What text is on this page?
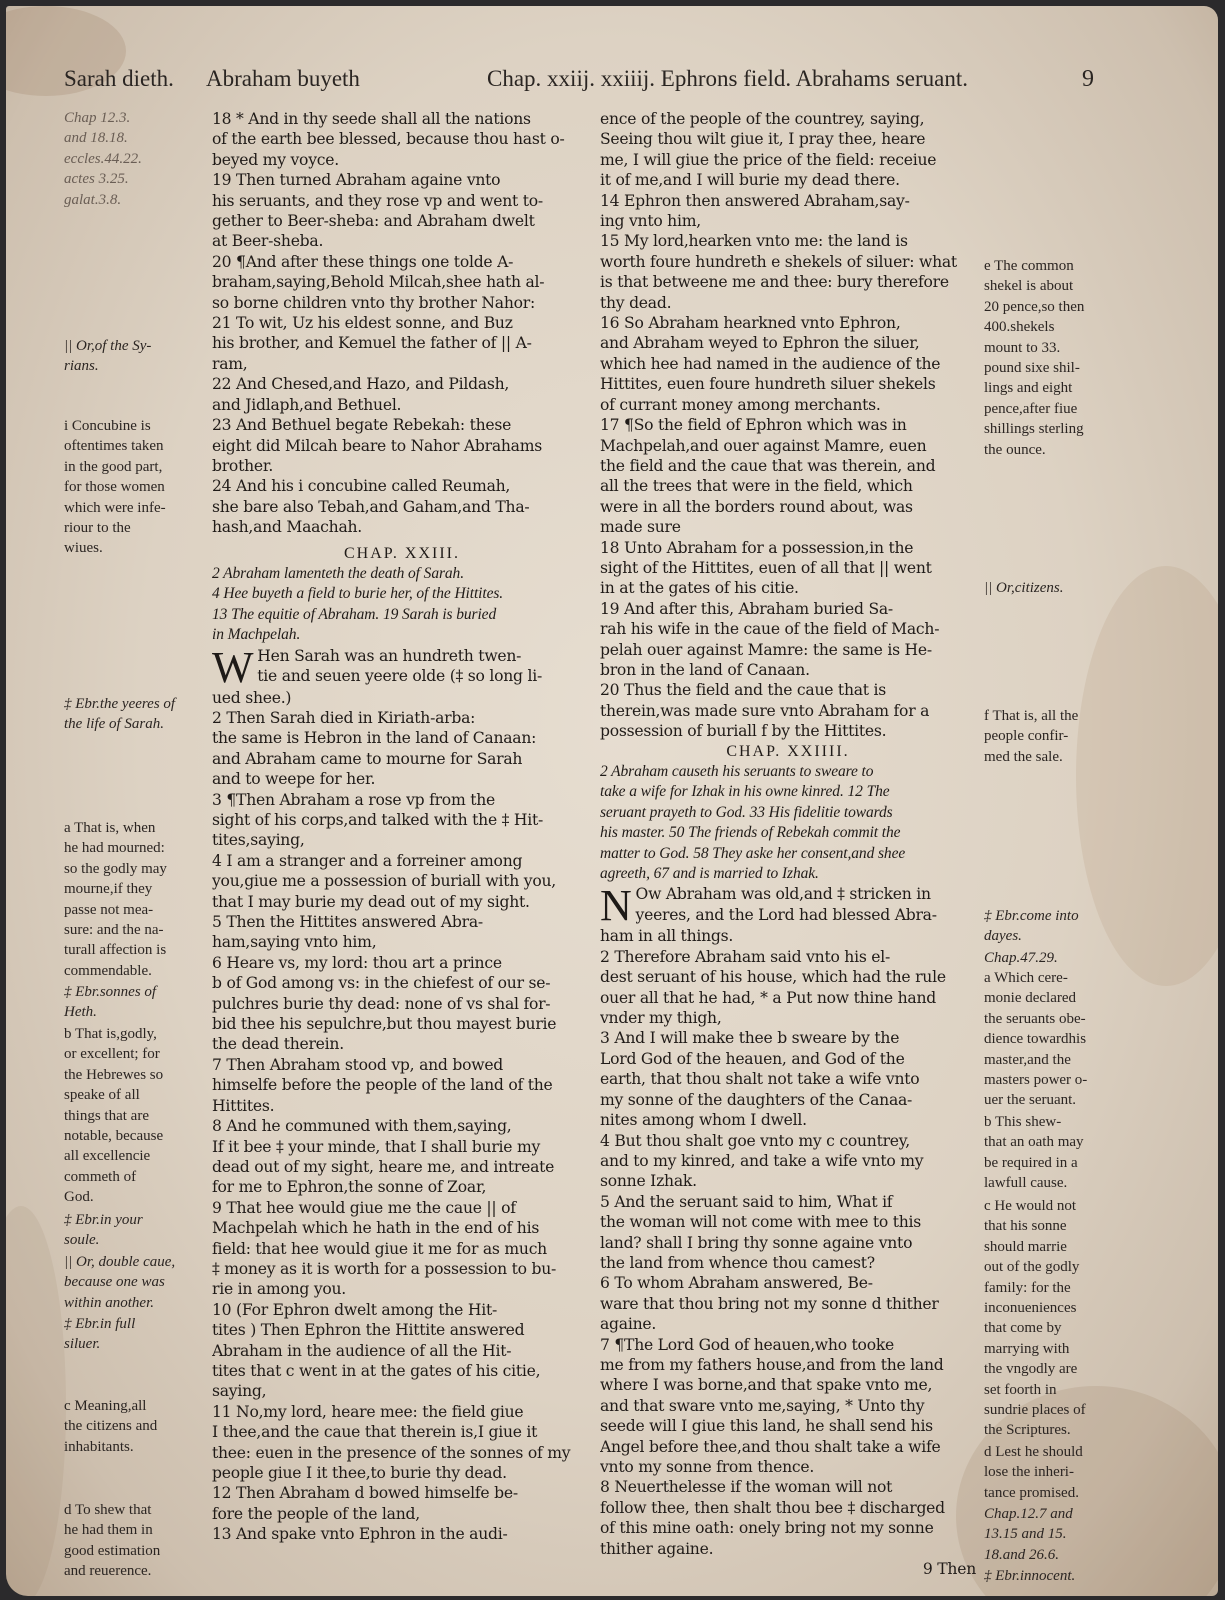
Sarah dieth. Abraham buyeth	Chap. xxiij. xxiiij. Ephrons field. Abrahams seruant.	9
Chap 12.3.
and 18.18.
eccles.44.22.
actes 3.25.
galat.3.8.
|| Or,of the Sy-
rians.
i Concubine is
oftentimes taken
in the good part,
for those women
which were infe-
riour to the
wiues.
‡ Ebr.the yeeres of
the life of Sarah.
a That is, when
he had mourned:
so the godly may
mourne,if they
passe not mea-
sure: and the na-
turall affection is
commendable.
‡ Ebr.sonnes of
Heth.
b That is,godly,
or excellent; for
the Hebrewes so
speake of all
things that are
notable, because
all excellencie
commeth of
God.
‡ Ebr.in your
soule.
|| Or, double caue,
because one was
within another.
‡ Ebr.in full
siluer.
c Meaning,all
the citizens and
inhabitants.
d To shew that
he had them in
good estimation
and reuerence.
18 * And in thy seede shall all the nations
of the earth bee blessed, because thou hast o-
beyed my voyce.
19 Then turned Abraham againe vnto
his seruants, and they rose vp and went to-
gether to Beer-sheba: and Abraham dwelt
at Beer-sheba.
20 ¶And after these things one tolde A-
braham,saying,Behold Milcah,shee hath al-
so borne children vnto thy brother Nahor:
21 To wit, Uz his eldest sonne, and Buz
his brother, and Kemuel the father of || A-
ram,
22 And Chesed,and Hazo, and Pildash,
and Jidlaph,and Bethuel.
23 And Bethuel begate Rebekah: these
eight did Milcah beare to Nahor Abrahams
brother.
24 And his i concubine called Reumah,
she bare also Tebah,and Gaham,and Tha-
hash,and Maachah.
CHAP. XXIII.
2 Abraham lamenteth the death of Sarah.
4 Hee buyeth a field to burie her, of the Hittites.
13 The equitie of Abraham. 19 Sarah is buried
in Machpelah.
W Hen Sarah was an hundreth twen-
tie and seuen yeere olde (‡ so long li-
ued shee.)
2 Then Sarah died in Kiriath-arba:
the same is Hebron in the land of Canaan:
and Abraham came to mourne for Sarah
and to weepe for her.
3 ¶Then Abraham a rose vp from the
sight of his corps,and talked with the ‡ Hit-
tites,saying,
4 I am a stranger and a forreiner among
you,giue me a possession of buriall with you,
that I may burie my dead out of my sight.
5 Then the Hittites answered Abra-
ham,saying vnto him,
6 Heare vs, my lord: thou art a prince
b of God among vs: in the chiefest of our se-
pulchres burie thy dead: none of vs shal for-
bid thee his sepulchre,but thou mayest burie
the dead therein.
7 Then Abraham stood vp, and bowed
himselfe before the people of the land of the
Hittites.
8 And he communed with them,saying,
If it bee ‡ your minde, that I shall burie my
dead out of my sight, heare me, and intreate
for me to Ephron,the sonne of Zoar,
9 That hee would giue me the caue || of
Machpelah which he hath in the end of his
field: that hee would giue it me for as much
‡ money as it is worth for a possession to bu-
rie in among you.
10 (For Ephron dwelt among the Hit-
tites ) Then Ephron the Hittite answered
Abraham in the audience of all the Hit-
tites that c went in at the gates of his citie,
saying,
11 No,my lord, heare mee: the field giue
I thee,and the caue that therein is,I giue it
thee: euen in the presence of the sonnes of my
people giue I it thee,to burie thy dead.
12 Then Abraham d bowed himselfe be-
fore the people of the land,
13 And spake vnto Ephron in the audi-
ence of the people of the countrey, saying,
Seeing thou wilt giue it, I pray thee, heare
me, I will giue the price of the field: receiue
it of me,and I will burie my dead there.
14 Ephron then answered Abraham,say-
ing vnto him,
15 My lord,hearken vnto me: the land is
worth foure hundreth e shekels of siluer: what
is that betweene me and thee: bury therefore
thy dead.
16 So Abraham hearkned vnto Ephron,
and Abraham weyed to Ephron the siluer,
which hee had named in the audience of the
Hittites, euen foure hundreth siluer shekels
of currant money among merchants.
17 ¶So the field of Ephron which was in
Machpelah,and ouer against Mamre, euen
the field and the caue that was therein, and
all the trees that were in the field, which
were in all the borders round about, was
made sure
18 Unto Abraham for a possession,in the
sight of the Hittites, euen of all that || went
in at the gates of his citie.
19 And after this, Abraham buried Sa-
rah his wife in the caue of the field of Mach-
pelah ouer against Mamre: the same is He-
bron in the land of Canaan.
20 Thus the field and the caue that is
therein,was made sure vnto Abraham for a
possession of buriall f by the Hittites.
CHAP. XXIIII.
2 Abraham causeth his seruants to sweare to
take a wife for Izhak in his owne kinred. 12 The
seruant prayeth to God. 33 His fidelitie towards
his master. 50 The friends of Rebekah commit the
matter to God. 58 They aske her consent,and shee
agreeth, 67 and is married to Izhak.
N Ow Abraham was old,and ‡ stricken in
yeeres, and the Lord had blessed Abra-
ham in all things.
2 Therefore Abraham said vnto his el-
dest seruant of his house, which had the rule
ouer all that he had, * a Put now thine hand
vnder my thigh,
3 And I will make thee b sweare by the
Lord God of the heauen, and God of the
earth, that thou shalt not take a wife vnto
my sonne of the daughters of the Canaa-
nites among whom I dwell.
4 But thou shalt goe vnto my c countrey,
and to my kinred, and take a wife vnto my
sonne Izhak.
5 And the seruant said to him, What if
the woman will not come with mee to this
land? shall I bring thy sonne againe vnto
the land from whence thou camest?
6 To whom Abraham answered, Be-
ware that thou bring not my sonne d thither
againe.
7 ¶The Lord God of heauen,who tooke
me from my fathers house,and from the land
where I was borne,and that spake vnto me,
and that sware vnto me,saying, * Unto thy
seede will I giue this land, he shall send his
Angel before thee,and thou shalt take a wife
vnto my sonne from thence.
8 Neuerthelesse if the woman will not
follow thee, then shalt thou bee ‡ discharged
of this mine oath: onely bring not my sonne
thither againe.
9 Then
e The common
shekel is about
20 pence,so then
400.shekels
mount to 33.
pound sixe shil-
lings and eight
pence,after fiue
shillings sterling
the ounce.
|| Or,citizens.
f That is, all the
people confir-
med the sale.
‡ Ebr.come into
dayes.
Chap.47.29.
a Which cere-
monie declared
the seruants obe-
dience towardhis
master,and the
masters power o-
uer the seruant.
b This shew-
that an oath may
be required in a
lawfull cause.
c He would not
that his sonne
should marrie
out of the godly
family: for the
inconueniences
that come by
marrying with
the vngodly are
set foorth in
sundrie places of
the Scriptures.
d Lest he should
lose the inheri-
tance promised.
Chap.12.7 and
13.15 and 15.
18.and 26.6.
‡ Ebr.innocent.
